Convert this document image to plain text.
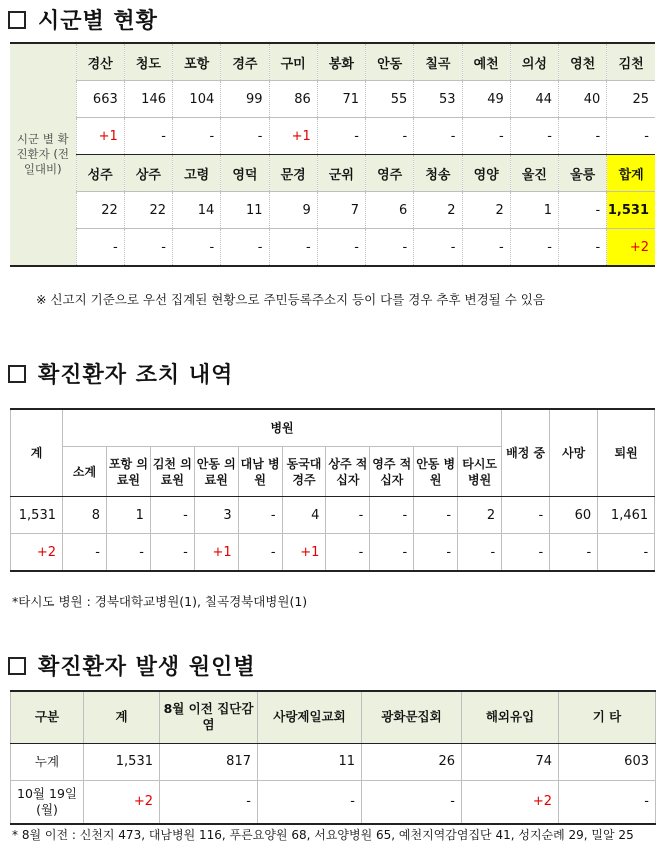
시군별 현황
시군 별 확진환자 (전일대비)	경산	청도	포항	경주	구미	봉화	안동	칠곡	예천	의성	영천	김천
	663	146	104	99	86	71	55	53	49	44	40	25
	+1	-	-	-	+1	-	-	-	-	-	-	-
	성주	상주	고령	영덕	문경	군위	영주	청송	영양	울진	울릉	합계
	22	22	14	11	9	7	6	2	2	1	-	1,531
	-	-	-	-	-	-	-	-	-	-	-	+2
※ 신고지 기준으로 우선 집계된 현황으로 주민등록주소지 등이 다를 경우 추후 변경될 수 있음
확진환자 조치 내역
계	병원										배정 중	사망	퇴원
	소계	포항 의료원	김천 의료원	안동 의료원	대남 병원	동국대 경주	상주 적십자	영주 적십자	안동 병원	타시도 병원			
1,531	8	1	-	3	-	4	-	-	-	2	-	60	1,461
+2	-	-	-	+1	-	+1	-	-	-	-	-	-	-
*타시도 병원 : 경북대학교병원(1), 칠곡경북대병원(1)
확진환자 발생 원인별
구분	계	8월 이전 집단감염	사랑제일교회	광화문집회	해외유입	기 타
누계	1,531	817	11	26	74	603
10월 19일 (월)	+2	-	-	-	+2	-
* 8월 이전 : 신천지 473, 대남병원 116, 푸른요양원 68, 서요양병원 65, 예천지역감염집단 41, 성지순례 29, 밀알 25
